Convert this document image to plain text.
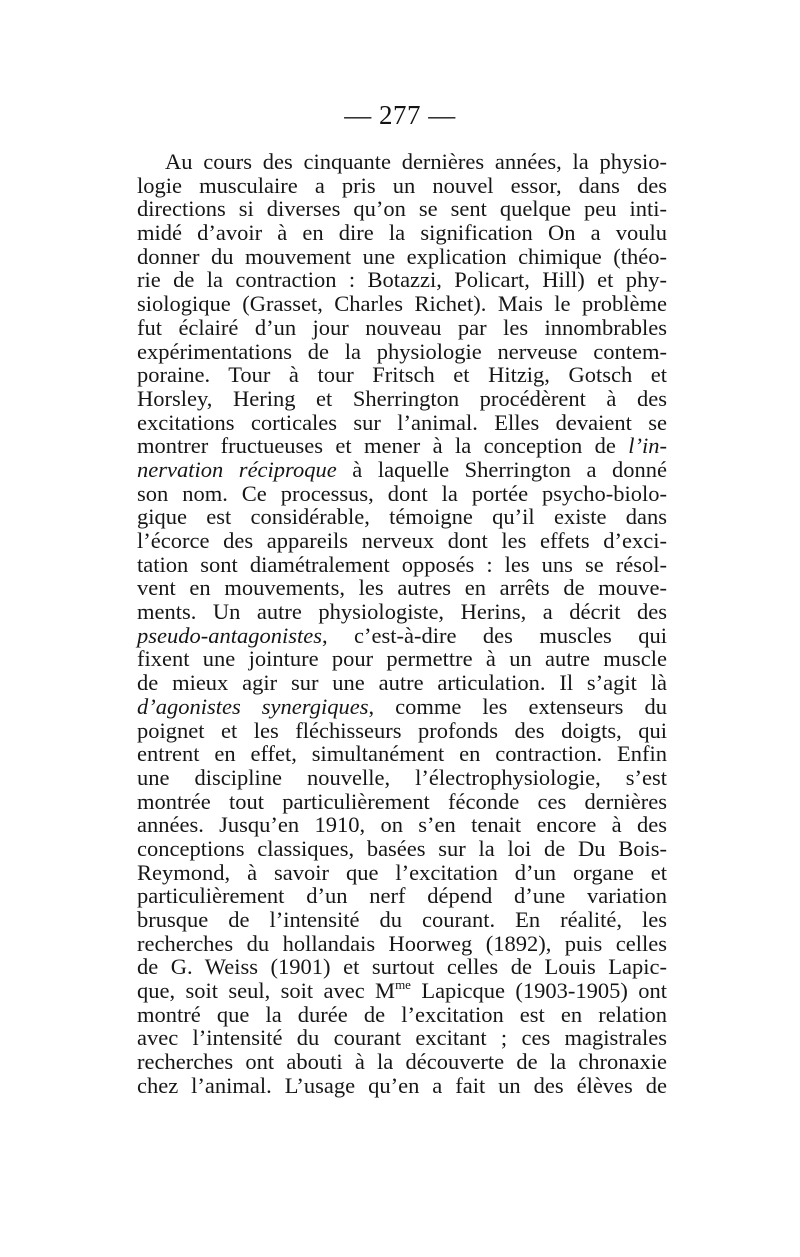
— 277 —
Au cours des cinquante dernières années, la physio-
logie musculaire a pris un nouvel essor, dans des
directions si diverses qu’on se sent quelque peu inti-
midé d’avoir à en dire la signification On a voulu
donner du mouvement une explication chimique (théo-
rie de la contraction : Botazzi, Policart, Hill) et phy-
siologique (Grasset, Charles Richet). Mais le problème
fut éclairé d’un jour nouveau par les innombrables
expérimentations de la physiologie nerveuse contem-
poraine. Tour à tour Fritsch et Hitzig, Gotsch et
Horsley, Hering et Sherrington procédèrent à des
excitations corticales sur l’animal. Elles devaient se
montrer fructueuses et mener à la conception de l’in-
nervation réciproque à laquelle Sherrington a donné
son nom. Ce processus, dont la portée psycho-biolo-
gique est considérable, témoigne qu’il existe dans
l’écorce des appareils nerveux dont les effets d’exci-
tation sont diamétralement opposés : les uns se résol-
vent en mouvements, les autres en arrêts de mouve-
ments. Un autre physiologiste, Herins, a décrit des
pseudo-antagonistes, c’est-à-dire des muscles qui
fixent une jointure pour permettre à un autre muscle
de mieux agir sur une autre articulation. Il s’agit là
d’agonistes synergiques, comme les extenseurs du
poignet et les fléchisseurs profonds des doigts, qui
entrent en effet, simultanément en contraction. Enfin
une discipline nouvelle, l’électrophysiologie, s’est
montrée tout particulièrement féconde ces dernières
années. Jusqu’en 1910, on s’en tenait encore à des
conceptions classiques, basées sur la loi de Du Bois-
Reymond, à savoir que l’excitation d’un organe et
particulièrement d’un nerf dépend d’une variation
brusque de l’intensité du courant. En réalité, les
recherches du hollandais Hoorweg (1892), puis celles
de G. Weiss (1901) et surtout celles de Louis Lapic-
que, soit seul, soit avec $M^{me}$ Lapicque (1903-1905) ont
montré que la durée de l’excitation est en relation
avec l’intensité du courant excitant ; ces magistrales
recherches ont abouti à la découverte de la chronaxie
chez l’animal. L’usage qu’en a fait un des élèves de
